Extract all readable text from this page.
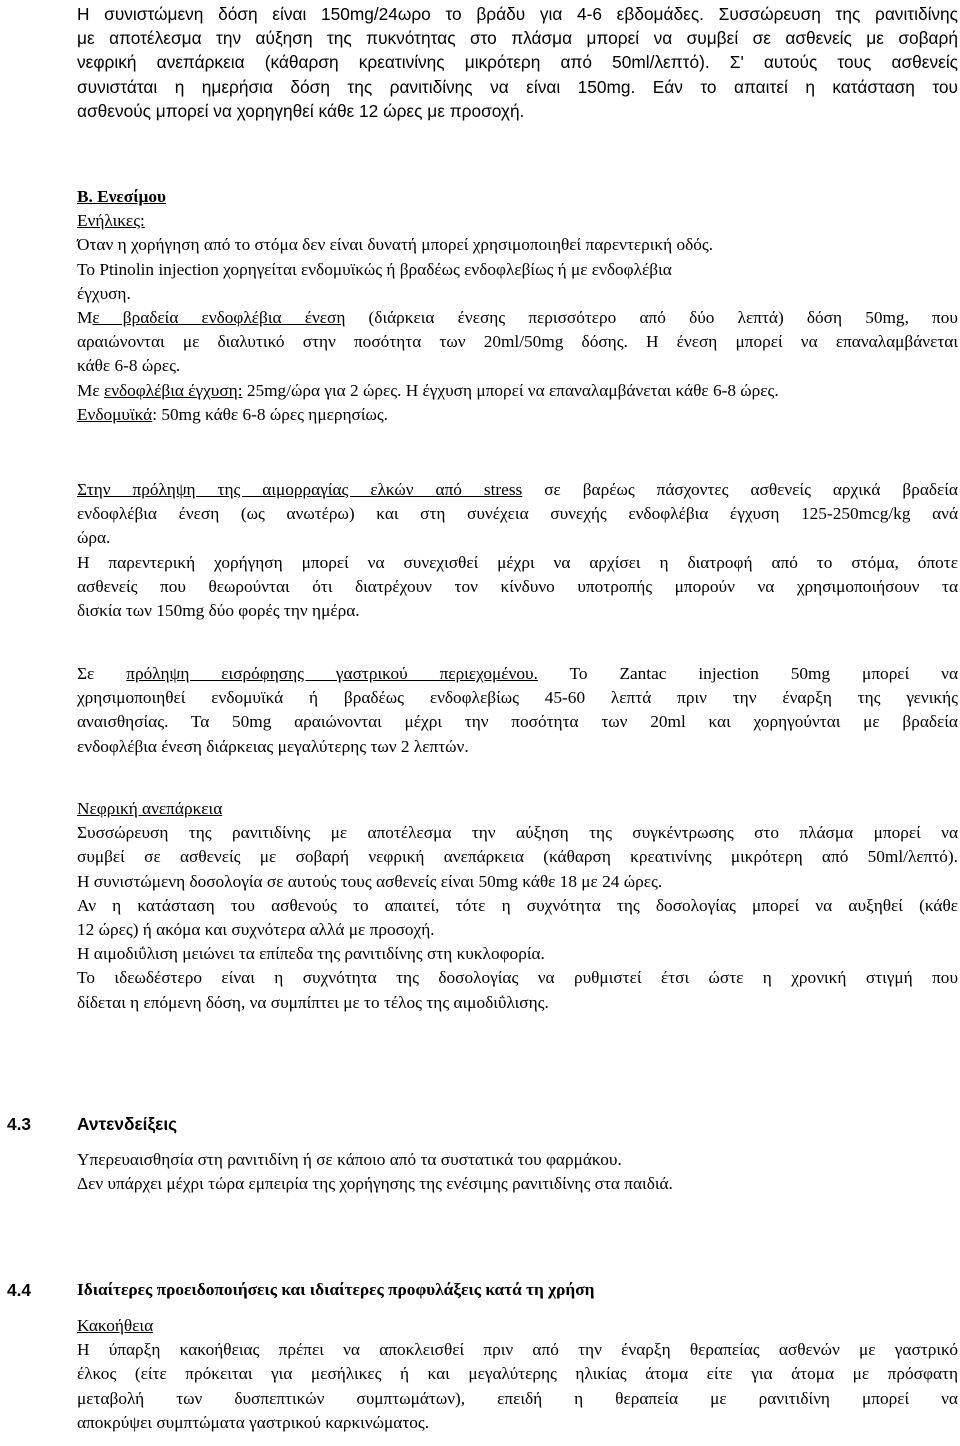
Η συνιστώμενη δόση είναι 150mg/24ωρο το βράδυ για 4-6 εβδομάδες. Συσσώρευση της ρανιτιδίνης

με αποτέλεσμα την αύξηση της πυκνότητας στο πλάσμα μπορεί να συμβεί σε ασθενείς με σοβαρή

νεφρική ανεπάρκεια (κάθαρση κρεατινίνης μικρότερη από 50ml/λεπτό). Σ' αυτούς τους ασθενείς

συνιστάται η ημερήσια δόση της ρανιτιδίνης να είναι 150mg. Εάν το απαιτεί η κατάσταση του

ασθενούς μπορεί να χορηγηθεί κάθε 12 ώρες με προσοχή.

Β. Ενεσίμου

Ενήλικες:

Όταν η χορήγηση από το στόμα δεν είναι δυνατή μπορεί χρησιμοποιηθεί παρεντερική οδός.

Το Ptinolin injection χορηγείται ενδομυϊκώς ή βραδέως ενδοφλεβίως ή με ενδοφλέβια

έγχυση.

Με βραδεία ενδοφλέβια ένεση (διάρκεια ένεσης περισσότερο από δύο λεπτά) δόση 50mg, που

αραιώνονται με διαλυτικό στην ποσότητα των 20ml/50mg δόσης. Η ένεση μπορεί να επαναλαμβάνεται

κάθε 6-8 ώρες.

Με ενδοφλέβια έγχυση: 25mg/ώρα για 2 ώρες. Η έγχυση μπορεί να επαναλαμβάνεται κάθε 6-8 ώρες.

Ενδομυϊκά: 50mg κάθε 6-8 ώρες ημερησίως.

Στην πρόληψη της αιμορραγίας ελκών από stress σε βαρέως πάσχοντες ασθενείς αρχικά βραδεία

ενδοφλέβια ένεση (ως ανωτέρω) και στη συνέχεια συνεχής ενδοφλέβια έγχυση 125-250mcg/kg ανά

ώρα.

Η παρεντερική χορήγηση μπορεί να συνεχισθεί μέχρι να αρχίσει η διατροφή από το στόμα, όποτε

ασθενείς που θεωρούνται ότι διατρέχουν τον κίνδυνο υποτροπής μπορούν να χρησιμοποιήσουν τα

δισκία των 150mg δύο φορές την ημέρα.

Σε πρόληψη εισρόφησης γαστρικού περιεχομένου. Το Zantac injection 50mg μπορεί να

χρησιμοποιηθεί ενδομυϊκά ή βραδέως ενδοφλεβίως 45-60 λεπτά πριν την έναρξη της γενικής

αναισθησίας. Τα 50mg αραιώνονται μέχρι την ποσότητα των 20ml και χορηγούνται με βραδεία

ενδοφλέβια ένεση διάρκειας μεγαλύτερης των 2 λεπτών.

Νεφρική ανεπάρκεια

Συσσώρευση της ρανιτιδίνης με αποτέλεσμα την αύξηση της συγκέντρωσης στο πλάσμα μπορεί να

συμβεί σε ασθενείς με σοβαρή νεφρική ανεπάρκεια (κάθαρση κρεατινίνης μικρότερη από 50ml/λεπτό).

Η συνιστώμενη δοσολογία σε αυτούς τους ασθενείς είναι 50mg κάθε 18 με 24 ώρες.

Αν η κατάσταση του ασθενούς το απαιτεί, τότε η συχνότητα της δοσολογίας μπορεί να αυξηθεί (κάθε

12 ώρες) ή ακόμα και συχνότερα αλλά με προσοχή.

Η αιμοδιΰλιση μειώνει τα επίπεδα της ρανιτιδίνης στη κυκλοφορία.

Το ιδεωδέστερο είναι η συχνότητα της δοσολογίας να ρυθμιστεί έτσι ώστε η χρονική στιγμή που

δίδεται η επόμενη δόση, να συμπίπτει με το τέλος της αιμοδιΰλισης.

4.3	Αντενδείξεις

Υπερευαισθησία στη ρανιτιδίνη ή σε κάποιο από τα συστατικά του φαρμάκου.

Δεν υπάρχει μέχρι τώρα εμπειρία της χορήγησης της ενέσιμης ρανιτιδίνης στα παιδιά.

4.4	Ιδιαίτερες προειδοποιήσεις και ιδιαίτερες προφυλάξεις κατά τη χρήση

Κακοήθεια

Η ύπαρξη κακοήθειας πρέπει να αποκλεισθεί πριν από την έναρξη θεραπείας ασθενών με γαστρικό

έλκος (είτε πρόκειται για μεσήλικες ή και μεγαλύτερης ηλικίας άτομα είτε για άτομα με πρόσφατη

μεταβολή των δυσπεπτικών συμπτωμάτων), επειδή η θεραπεία με ρανιτιδίνη μπορεί να

αποκρύψει συμπτώματα γαστρικού καρκινώματος.
